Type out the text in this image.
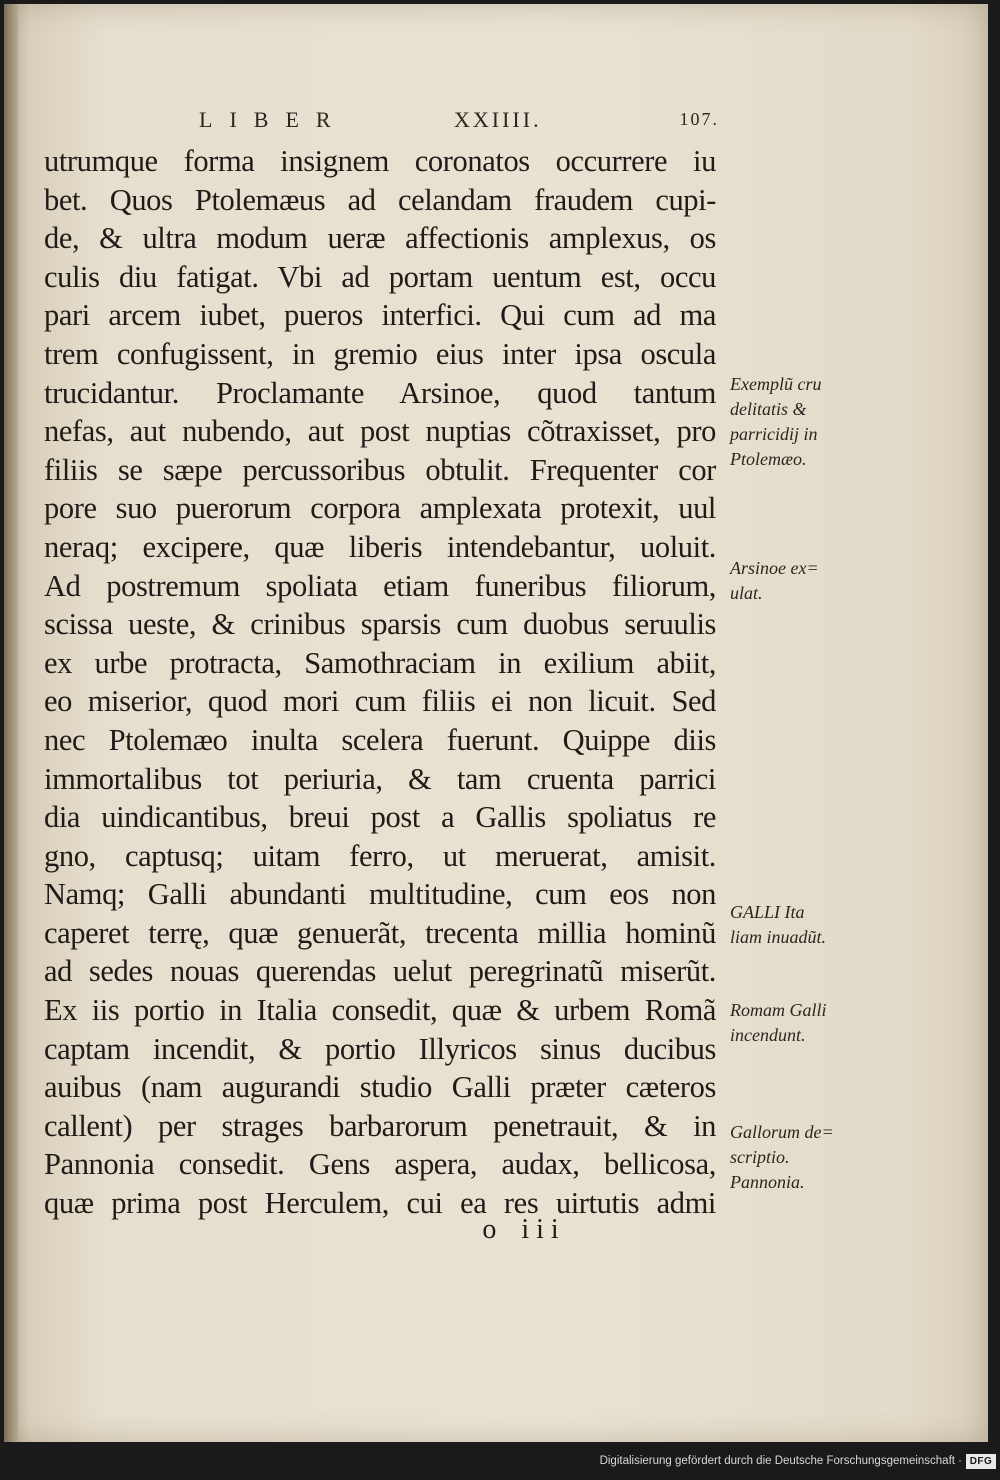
LIBER	XXIIII.	107.
utrumque forma insignem coronatos occurrere iu
bet. Quos Ptolemæus ad celandam fraudem cupi-
de, & ultra modum ueræ affectionis amplexus, os
culis diu fatigat. Vbi ad portam uentum est, occu
pari arcem iubet, pueros interfici. Qui cum ad ma
trem confugissent, in gremio eius inter ipsa oscula
trucidantur. Proclamante Arsinoe, quod tantum
nefas, aut nubendo, aut post nuptias cõtraxisset, pro
filiis se sæpe percussoribus obtulit. Frequenter cor
pore suo puerorum corpora amplexata protexit, uul
neraq; excipere, quæ liberis intendebantur, uoluit.
Ad postremum spoliata etiam funeribus filiorum,
scissa ueste, & crinibus sparsis cum duobus seruulis
ex urbe protracta, Samothraciam in exilium abiit,
eo miserior, quod mori cum filiis ei non licuit. Sed
nec Ptolemæo inulta scelera fuerunt. Quippe diis
immortalibus tot periuria, & tam cruenta parrici
dia uindicantibus, breui post a Gallis spoliatus re
gno, captusq; uitam ferro, ut meruerat, amisit.
Namq; Galli abundanti multitudine, cum eos non
caperet terrę, quæ genuerãt, trecenta millia hominũ
ad sedes nouas querendas uelut peregrinatũ miserũt.
Ex iis portio in Italia consedit, quæ & urbem Romã
captam incendit, & portio Illyricos sinus ducibus
auibus (nam augurandi studio Galli præter cæteros
callent) per strages barbarorum penetrauit, & in
Pannonia consedit. Gens aspera, audax, bellicosa,
quæ prima post Herculem, cui ea res uirtutis admi
Exemplũ cru
delitatis &
parricidij in
Ptolemæo.
Arsinoe ex=
ulat.
GALLI Ita
liam inuadũt.
Romam Galli
incendunt.
Gallorum de=
scriptio.
Pannonia.
o iii
Digitalisierung gefördert durch die Deutsche Forschungsgemeinschaft · DFG
